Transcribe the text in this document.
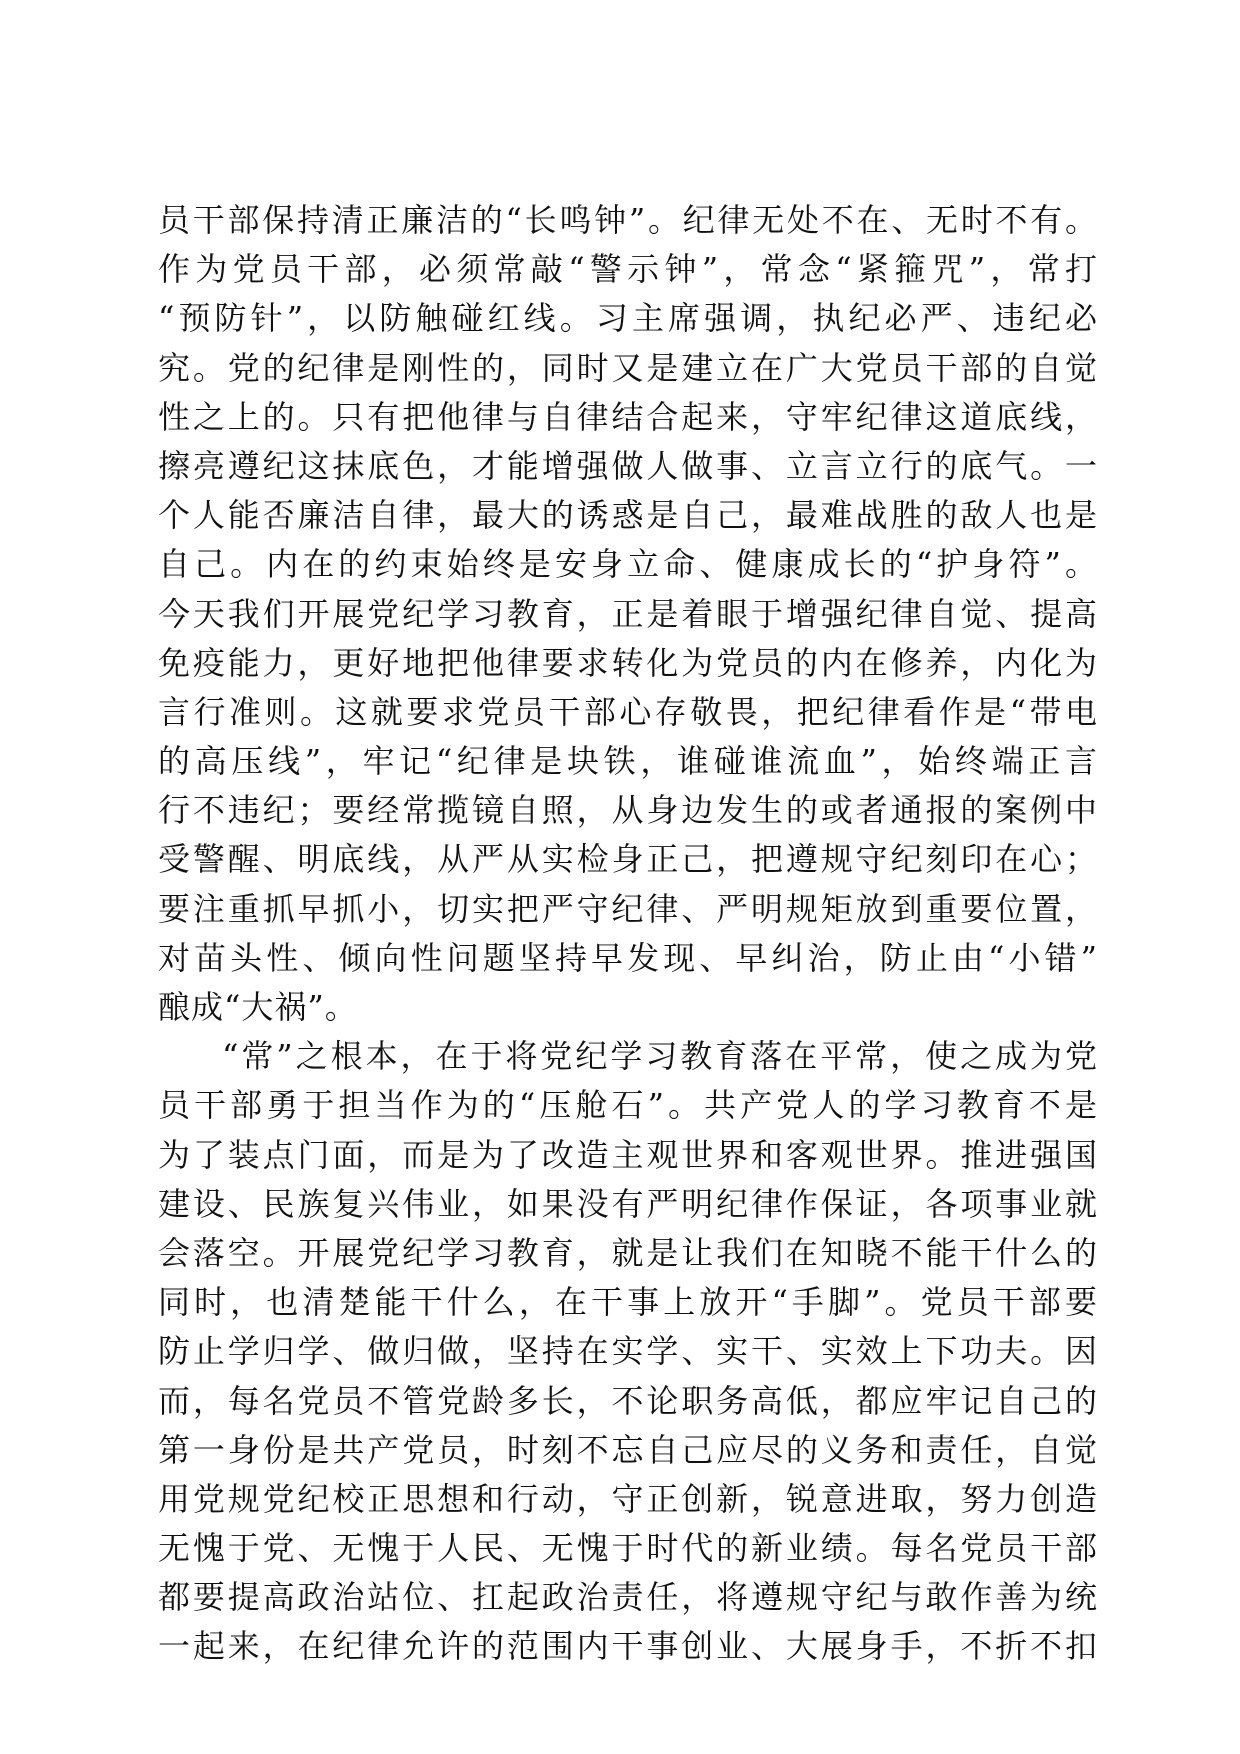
员干部保持清正廉洁的“长鸣钟”。纪律无处不在、无时不有。
作为党员干部，必须常敲“警示钟”，常念“紧箍咒”，常打
“预防针”，以防触碰红线。习主席强调，执纪必严、违纪必
究。党的纪律是刚性的，同时又是建立在广大党员干部的自觉
性之上的。只有把他律与自律结合起来，守牢纪律这道底线，
擦亮遵纪这抹底色，才能增强做人做事、立言立行的底气。一
个人能否廉洁自律，最大的诱惑是自己，最难战胜的敌人也是
自己。内在的约束始终是安身立命、健康成长的“护身符”。
今天我们开展党纪学习教育，正是着眼于增强纪律自觉、提高
免疫能力，更好地把他律要求转化为党员的内在修养，内化为
言行准则。这就要求党员干部心存敬畏，把纪律看作是“带电
的高压线”，牢记“纪律是块铁，谁碰谁流血”，始终端正言
行不违纪；要经常揽镜自照，从身边发生的或者通报的案例中
受警醒、明底线，从严从实检身正己，把遵规守纪刻印在心；
要注重抓早抓小，切实把严守纪律、严明规矩放到重要位置，
对苗头性、倾向性问题坚持早发现、早纠治，防止由“小错”
酿成“大祸”。
“常”之根本，在于将党纪学习教育落在平常，使之成为党
员干部勇于担当作为的“压舱石”。共产党人的学习教育不是
为了装点门面，而是为了改造主观世界和客观世界。推进强国
建设、民族复兴伟业，如果没有严明纪律作保证，各项事业就
会落空。开展党纪学习教育，就是让我们在知晓不能干什么的
同时，也清楚能干什么，在干事上放开“手脚”。党员干部要
防止学归学、做归做，坚持在实学、实干、实效上下功夫。因
而，每名党员不管党龄多长，不论职务高低，都应牢记自己的
第一身份是共产党员，时刻不忘自己应尽的义务和责任，自觉
用党规党纪校正思想和行动，守正创新，锐意进取，努力创造
无愧于党、无愧于人民、无愧于时代的新业绩。每名党员干部
都要提高政治站位、扛起政治责任，将遵规守纪与敢作善为统
一起来，在纪律允许的范围内干事创业、大展身手，不折不扣
